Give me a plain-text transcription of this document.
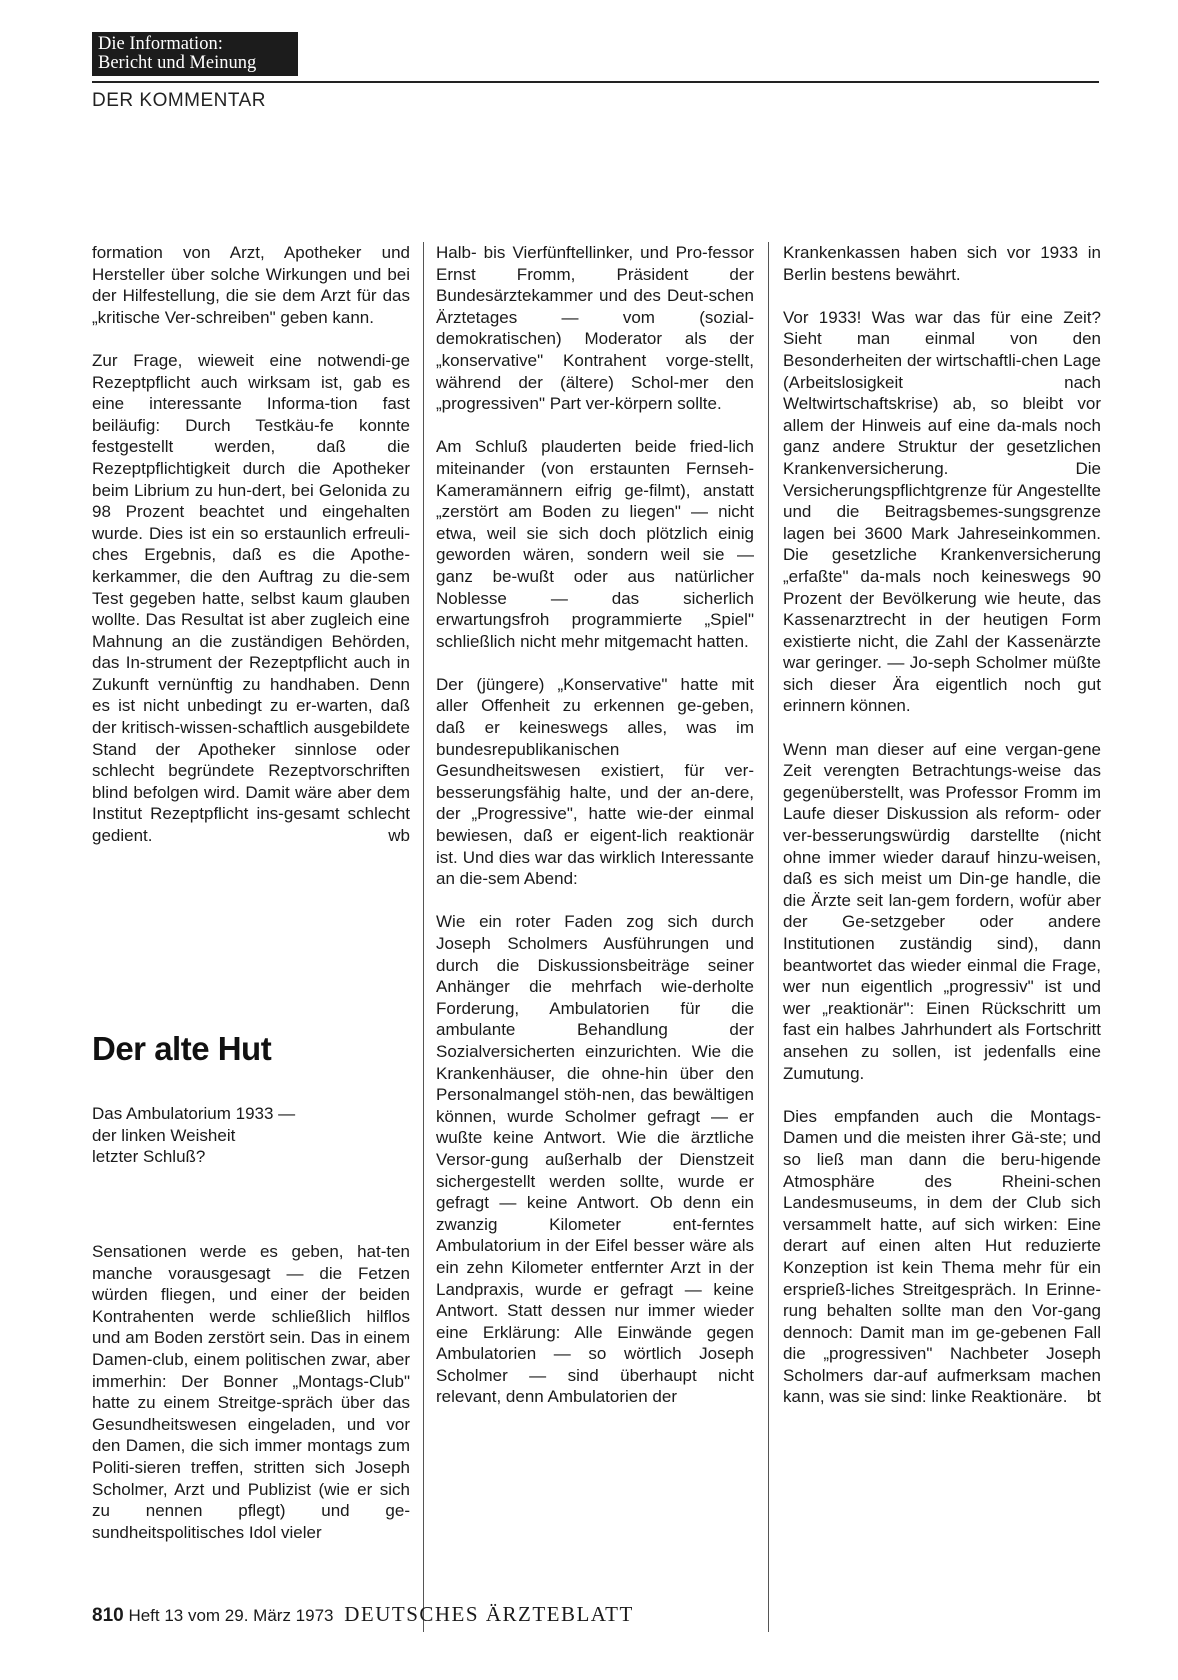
Die Information:
Bericht und Meinung
DER KOMMENTAR

formation von Arzt, Apotheker und Hersteller über solche Wirkungen und bei der Hilfestellung, die sie dem Arzt für das „kritische Ver-schreiben" geben kann.

Zur Frage, wieweit eine notwendi-ge Rezeptpflicht auch wirksam ist, gab es eine interessante Informa-tion fast beiläufig: Durch Testkäu-fe konnte festgestellt werden, daß die Rezeptpflichtigkeit durch die Apotheker beim Librium zu hun-dert, bei Gelonida zu 98 Prozent beachtet und eingehalten wurde. Dies ist ein so erstaunlich erfreuli-ches Ergebnis, daß es die Apothe-kerkammer, die den Auftrag zu die-sem Test gegeben hatte, selbst kaum glauben wollte. Das Resultat ist aber zugleich eine Mahnung an die zuständigen Behörden, das In-strument der Rezeptpflicht auch in Zukunft vernünftig zu handhaben. Denn es ist nicht unbedingt zu er-warten, daß der kritisch-wissen-schaftlich ausgebildete Stand der Apotheker sinnlose oder schlecht begründete Rezeptvorschriften blind befolgen wird. Damit wäre aber dem Institut Rezeptpflicht ins-gesamt schlecht gedient.	wb

Der alte Hut
Das Ambulatorium 1933 —
der linken Weisheit
letzter Schluß?

Sensationen werde es geben, hat-ten manche vorausgesagt — die Fetzen würden fliegen, und einer der beiden Kontrahenten werde schließlich hilflos und am Boden zerstört sein. Das in einem Damen-club, einem politischen zwar, aber immerhin: Der Bonner „Montags-Club" hatte zu einem Streitge-spräch über das Gesundheitswesen eingeladen, und vor den Damen, die sich immer montags zum Politi-sieren treffen, stritten sich Joseph Scholmer, Arzt und Publizist (wie er sich zu nennen pflegt) und ge-sundheitspolitisches Idol vieler

Halb- bis Vierfünftellinker, und Pro-fessor Ernst Fromm, Präsident der Bundesärztekammer und des Deut-schen Ärztetages — vom (sozial-demokratischen) Moderator als der „konservative" Kontrahent vorge-stellt, während der (ältere) Schol-mer den „progressiven" Part ver-körpern sollte.

Am Schluß plauderten beide fried-lich miteinander (von erstaunten Fernseh-Kameramännern eifrig ge-filmt), anstatt „zerstört am Boden zu liegen" — nicht etwa, weil sie sich doch plötzlich einig geworden wären, sondern weil sie — ganz be-wußt oder aus natürlicher Noblesse — das sicherlich erwartungsfroh programmierte „Spiel" schließlich nicht mehr mitgemacht hatten.

Der (jüngere) „Konservative" hatte mit aller Offenheit zu erkennen ge-geben, daß er keineswegs alles, was im bundesrepublikanischen Gesundheitswesen existiert, für ver-besserungsfähig halte, und der an-dere, der „Progressive", hatte wie-der einmal bewiesen, daß er eigent-lich reaktionär ist. Und dies war das wirklich Interessante an die-sem Abend:

Wie ein roter Faden zog sich durch Joseph Scholmers Ausführungen und durch die Diskussionsbeiträge seiner Anhänger die mehrfach wie-derholte Forderung, Ambulatorien für die ambulante Behandlung der Sozialversicherten einzurichten. Wie die Krankenhäuser, die ohne-hin über den Personalmangel stöh-nen, das bewältigen können, wurde Scholmer gefragt — er wußte keine Antwort. Wie die ärztliche Versor-gung außerhalb der Dienstzeit sichergestellt werden sollte, wurde er gefragt — keine Antwort. Ob denn ein zwanzig Kilometer ent-ferntes Ambulatorium in der Eifel besser wäre als ein zehn Kilometer entfernter Arzt in der Landpraxis, wurde er gefragt — keine Antwort. Statt dessen nur immer wieder eine Erklärung: Alle Einwände gegen Ambulatorien — so wörtlich Joseph Scholmer — sind überhaupt nicht relevant, denn Ambulatorien der

Krankenkassen haben sich vor 1933 in Berlin bestens bewährt.

Vor 1933! Was war das für eine Zeit? Sieht man einmal von den Besonderheiten der wirtschaftli-chen Lage (Arbeitslosigkeit nach Weltwirtschaftskrise) ab, so bleibt vor allem der Hinweis auf eine da-mals noch ganz andere Struktur der gesetzlichen Krankenversicherung. Die Versicherungspflichtgrenze für Angestellte und die Beitragsbemes-sungsgrenze lagen bei 3600 Mark Jahreseinkommen. Die gesetzliche Krankenversicherung „erfaßte" da-mals noch keineswegs 90 Prozent der Bevölkerung wie heute, das Kassenarztrecht in der heutigen Form existierte nicht, die Zahl der Kassenärzte war geringer. — Jo-seph Scholmer müßte sich dieser Ära eigentlich noch gut erinnern können.

Wenn man dieser auf eine vergan-gene Zeit verengten Betrachtungs-weise das gegenüberstellt, was Professor Fromm im Laufe dieser Diskussion als reform- oder ver-besserungswürdig darstellte (nicht ohne immer wieder darauf hinzu-weisen, daß es sich meist um Din-ge handle, die die Ärzte seit lan-gem fordern, wofür aber der Ge-setzgeber oder andere Institutionen zuständig sind), dann beantwortet das wieder einmal die Frage, wer nun eigentlich „progressiv" ist und wer „reaktionär": Einen Rückschritt um fast ein halbes Jahrhundert als Fortschritt ansehen zu sollen, ist jedenfalls eine Zumutung.

Dies empfanden auch die Montags-Damen und die meisten ihrer Gä-ste; und so ließ man dann die beru-higende Atmosphäre des Rheini-schen Landesmuseums, in dem der Club sich versammelt hatte, auf sich wirken: Eine derart auf einen alten Hut reduzierte Konzeption ist kein Thema mehr für ein ersprieß-liches Streitgespräch. In Erinne-rung behalten sollte man den Vor-gang dennoch: Damit man im ge-gebenen Fall die „progressiven" Nachbeter Joseph Scholmers dar-auf aufmerksam machen kann, was sie sind: linke Reaktionäre. bt

810 Heft 13 vom 29. März 1973 DEUTSCHES ÄRZTEBLATT
